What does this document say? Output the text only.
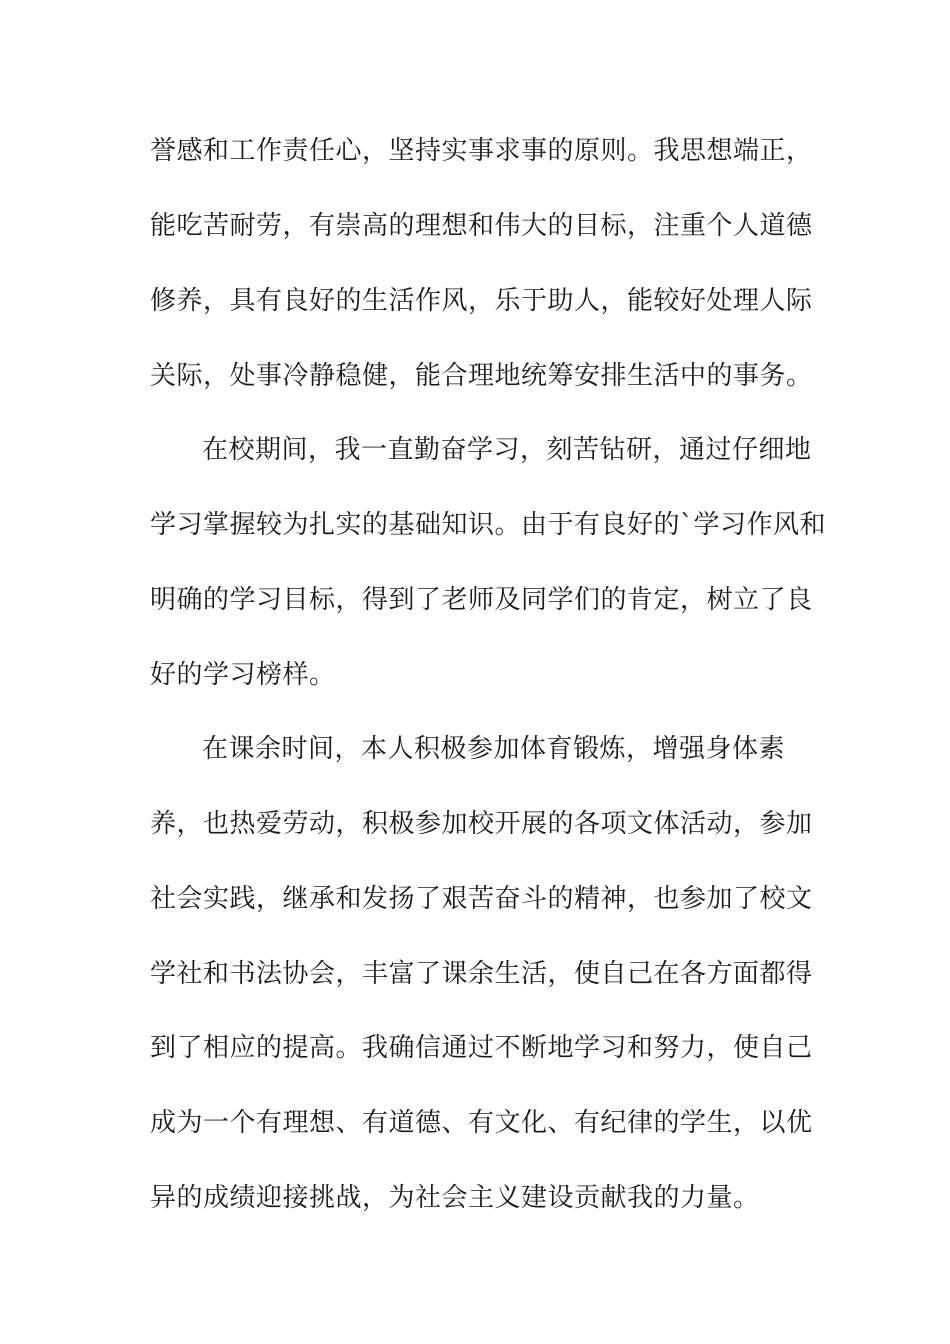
誉感和工作责任心，坚持实事求事的原则。我思想端正，

能吃苦耐劳，有崇高的理想和伟大的目标，注重个人道德

修养，具有良好的生活作风，乐于助人，能较好处理人际

关际，处事冷静稳健，能合理地统筹安排生活中的事务。

在校期间，我一直勤奋学习，刻苦钻研，通过仔细地

学习掌握较为扎实的基础知识。由于有良好的`学习作风和

明确的学习目标，得到了老师及同学们的肯定，树立了良

好的学习榜样。

在课余时间，本人积极参加体育锻炼，增强身体素

养，也热爱劳动，积极参加校开展的各项文体活动，参加

社会实践，继承和发扬了艰苦奋斗的精神，也参加了校文

学社和书法协会，丰富了课余生活，使自己在各方面都得

到了相应的提高。我确信通过不断地学习和努力，使自己

成为一个有理想、有道德、有文化、有纪律的学生，以优

异的成绩迎接挑战，为社会主义建设贡献我的力量。
